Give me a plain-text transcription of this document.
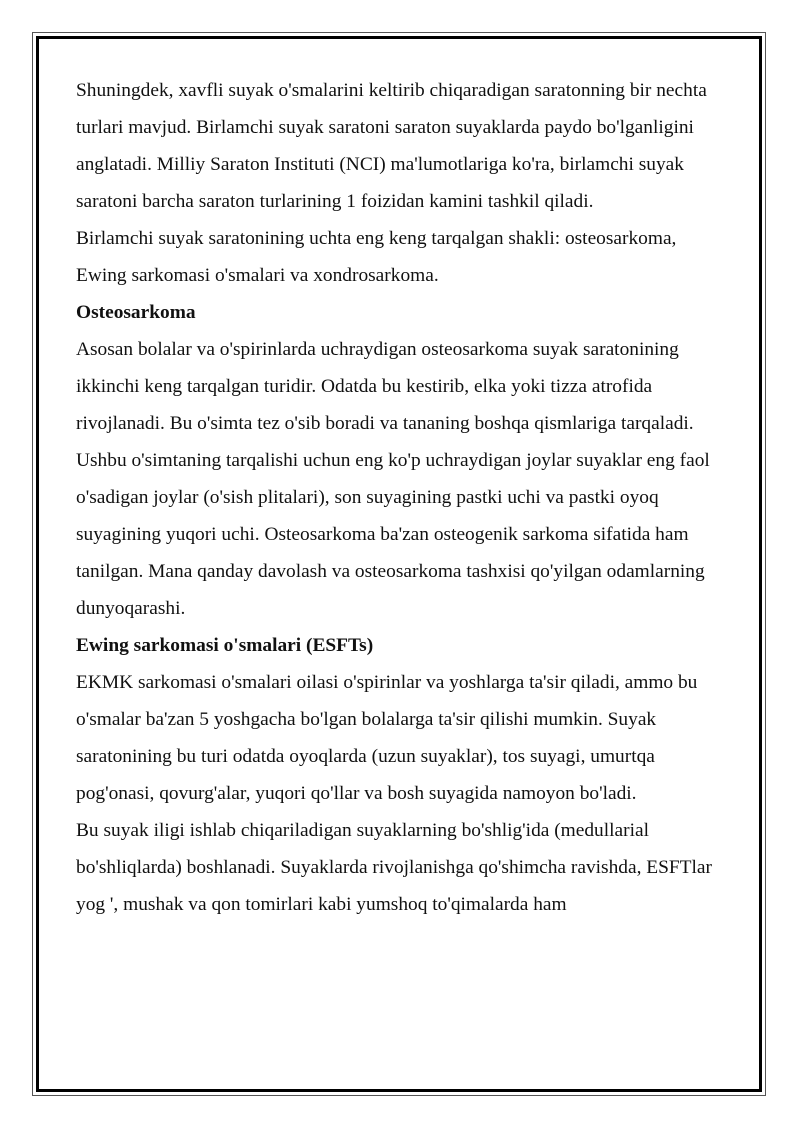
Shuningdek, xavfli suyak o'smalarini keltirib chiqaradigan saratonning bir nechta turlari mavjud. Birlamchi suyak saratoni saraton suyaklarda paydo bo'lganligini anglatadi. Milliy Saraton Instituti (NCI) ma'lumotlariga ko'ra, birlamchi suyak saratoni barcha saraton turlarining 1 foizidan kamini tashkil qiladi.

Birlamchi suyak saratonining uchta eng keng tarqalgan shakli: osteosarkoma, Ewing sarkomasi o'smalari va xondrosarkoma.

Osteosarkoma

Asosan bolalar va o'spirinlarda uchraydigan osteosarkoma suyak saratonining ikkinchi keng tarqalgan turidir. Odatda bu kestirib, elka yoki tizza atrofida rivojlanadi. Bu o'simta tez o'sib boradi va tananing boshqa qismlariga tarqaladi.

Ushbu o'simtaning tarqalishi uchun eng ko'p uchraydigan joylar suyaklar eng faol o'sadigan joylar (o'sish plitalari), son suyagining pastki uchi va pastki oyoq suyagining yuqori uchi. Osteosarkoma ba'zan osteogenik sarkoma sifatida ham tanilgan. Mana qanday davolash va osteosarkoma tashxisi qo'yilgan odamlarning dunyoqarashi.

Ewing sarkomasi o'smalari (ESFTs)

EKMK sarkomasi o'smalari oilasi o'spirinlar va yoshlarga ta'sir qiladi, ammo bu o'smalar ba'zan 5 yoshgacha bo'lgan bolalarga ta'sir qilishi mumkin. Suyak saratonining bu turi odatda oyoqlarda (uzun suyaklar), tos suyagi, umurtqa pog'onasi, qovurg'alar, yuqori qo'llar va bosh suyagida namoyon bo'ladi.

Bu suyak iligi ishlab chiqariladigan suyaklarning bo'shlig'ida (medullarial bo'shliqlarda) boshlanadi. Suyaklarda rivojlanishga qo'shimcha ravishda, ESFTlar yog ', mushak va qon tomirlari kabi yumshoq to'qimalarda ham
